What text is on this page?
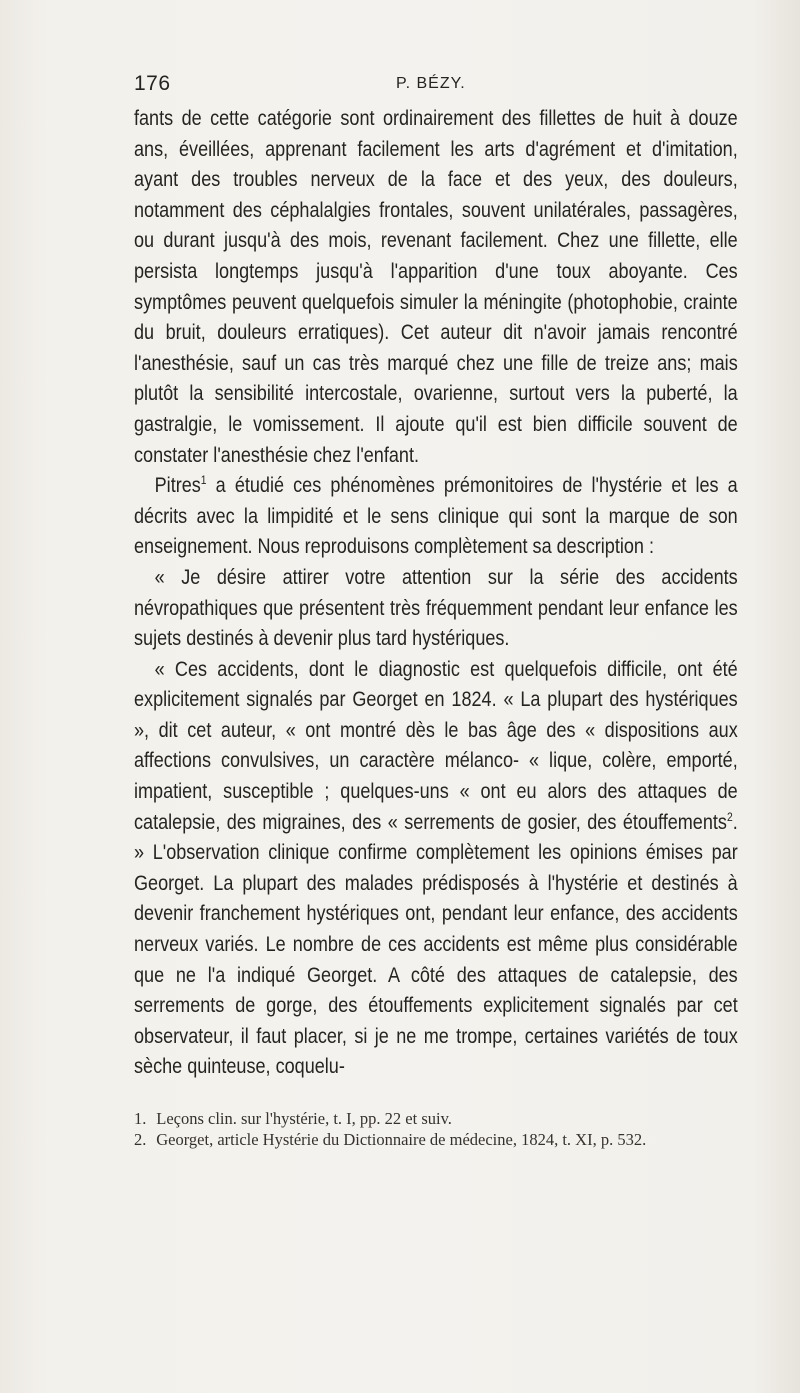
176	P. BÉZY.

fants de cette catégorie sont ordinairement des fillettes de huit à douze ans, éveillées, apprenant facilement les arts d'agrément et d'imitation, ayant des troubles nerveux de la face et des yeux, des douleurs, notamment des céphalalgies frontales, souvent unilatérales, passagères, ou durant jusqu'à des mois, revenant facilement. Chez une fillette, elle persista longtemps jusqu'à l'apparition d'une toux aboyante. Ces symptômes peuvent quelquefois simuler la méningite (photophobie, crainte du bruit, douleurs erratiques). Cet auteur dit n'avoir jamais rencontré l'anesthésie, sauf un cas très marqué chez une fille de treize ans; mais plutôt la sensibilité intercostale, ovarienne, surtout vers la puberté, la gastralgie, le vomissement. Il ajoute qu'il est bien difficile souvent de constater l'anesthésie chez l'enfant.

Pitres$^1$ a étudié ces phénomènes prémonitoires de l'hystérie et les a décrits avec la limpidité et le sens clinique qui sont la marque de son enseignement. Nous reproduisons complètement sa description :

« Je désire attirer votre attention sur la série des accidents névropathiques que présentent très fréquemment pendant leur enfance les sujets destinés à devenir plus tard hystériques.

« Ces accidents, dont le diagnostic est quelquefois difficile, ont été explicitement signalés par Georget en 1824. « La plupart des hystériques », dit cet auteur, « ont montré dès le bas âge des « dispositions aux affections convulsives, un caractère mélanco- « lique, colère, emporté, impatient, susceptible ; quelques-uns « ont eu alors des attaques de catalepsie, des migraines, des « serrements de gosier, des étouffements$^2$. » L'observation clinique confirme complètement les opinions émises par Georget. La plupart des malades prédisposés à l'hystérie et destinés à devenir franchement hystériques ont, pendant leur enfance, des accidents nerveux variés. Le nombre de ces accidents est même plus considérable que ne l'a indiqué Georget. A côté des attaques de catalepsie, des serrements de gorge, des étouffements explicitement signalés par cet observateur, il faut placer, si je ne me trompe, certaines variétés de toux sèche quinteuse, coquelu-

1. Leçons clin. sur l'hystérie, t. I, pp. 22 et suiv.

2. Georget, article Hystérie du Dictionnaire de médecine, 1824, t. XI, p. 532.
